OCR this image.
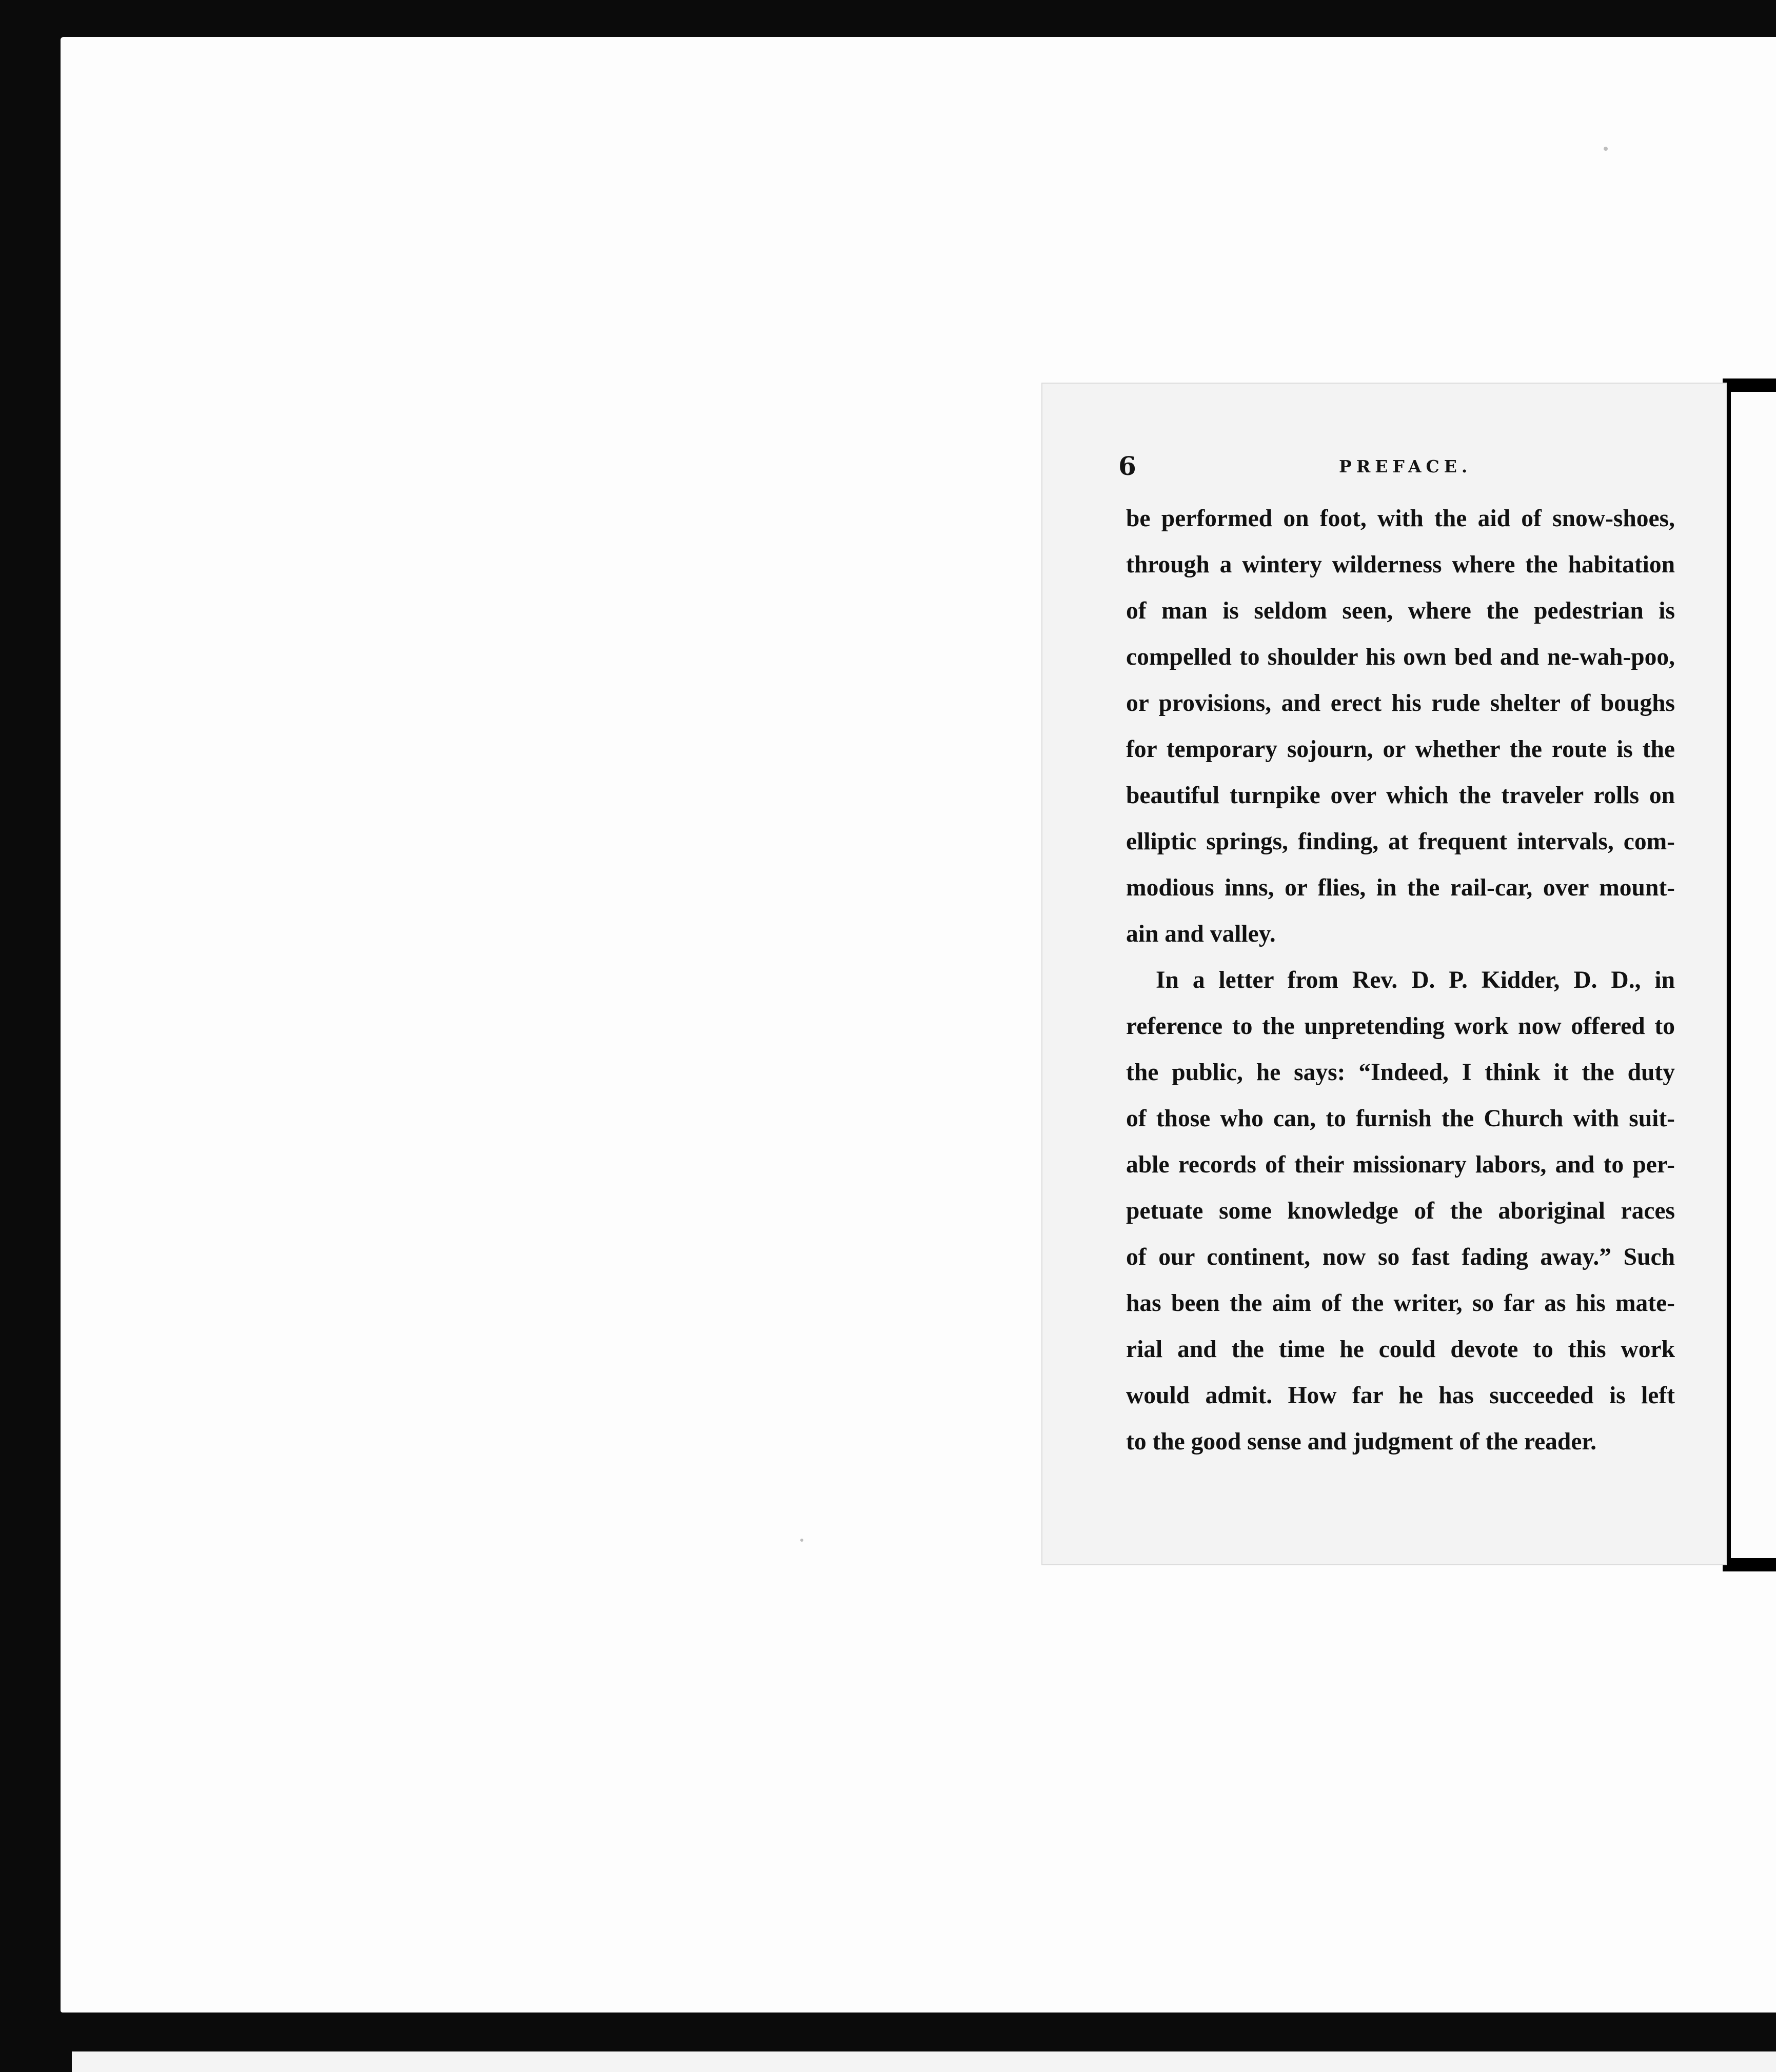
6	PREFACE.
be performed on foot, with the aid of snow-shoes,
through a wintery wilderness where the habitation
of man is seldom seen, where the pedestrian is
compelled to shoulder his own bed and ne-wah-poo,
or provisions, and erect his rude shelter of boughs
for temporary sojourn, or whether the route is the
beautiful turnpike over which the traveler rolls on
elliptic springs, finding, at frequent intervals, com-
modious inns, or flies, in the rail-car, over mount-
ain and valley.
In a letter from Rev. D. P. Kidder, D. D., in
reference to the unpretending work now offered to
the public, he says: “Indeed, I think it the duty
of those who can, to furnish the Church with suit-
able records of their missionary labors, and to per-
petuate some knowledge of the aboriginal races
of our continent, now so fast fading away.” Such
has been the aim of the writer, so far as his mate-
rial and the time he could devote to this work
would admit. How far he has succeeded is left
to the good sense and judgment of the reader.
